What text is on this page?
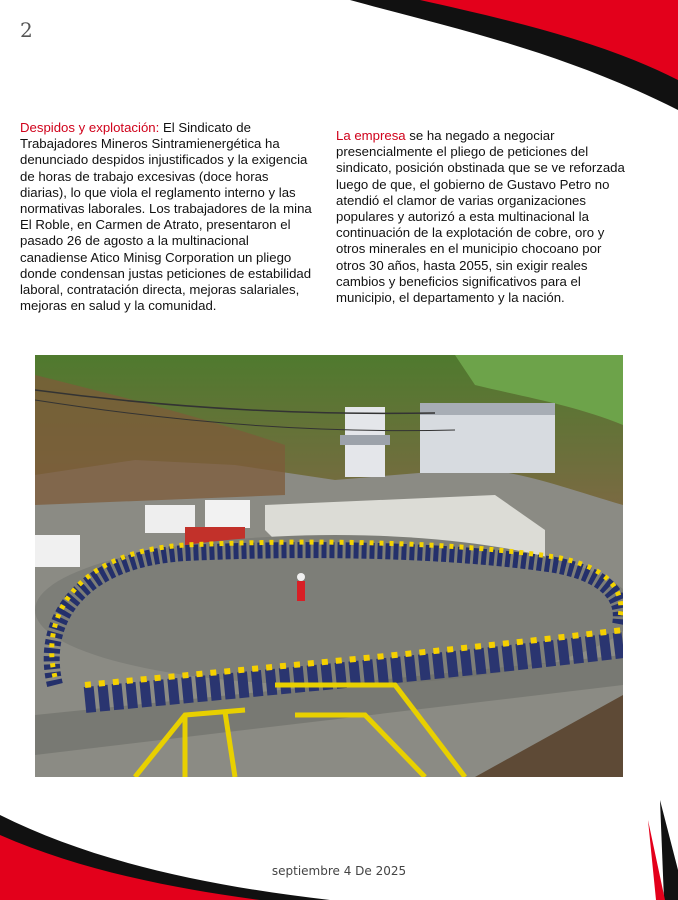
2
Despidos y explotación: El Sindicato de Trabajadores Mineros Sintramienergética ha denunciado despidos injustificados y la exigencia de horas de trabajo excesivas (doce horas diarias), lo que viola el reglamento interno y las normativas laborales. Los trabajadores de la mina El Roble, en Carmen de Atrato, presentaron el pasado 26 de agosto a la multinacional canadiense Atico Minisg Corporation un pliego donde condensan justas peticiones de estabilidad laboral, contratación directa, mejoras salariales, mejoras en salud y la comunidad.
La empresa se ha negado a negociar presencialmente el pliego de peticiones del sindicato, posición obstinada que se ve reforzada luego de que, el gobierno de Gustavo Petro no atendió el clamor de varias organizaciones populares y autorizó a esta multinacional la continuación de la explotación de cobre, oro y otros minerales en el municipio chocoano por otros 30 años, hasta 2055, sin exigir reales cambios y beneficios significativos para el municipio, el departamento y la nación.
septiembre 4 De 2025
